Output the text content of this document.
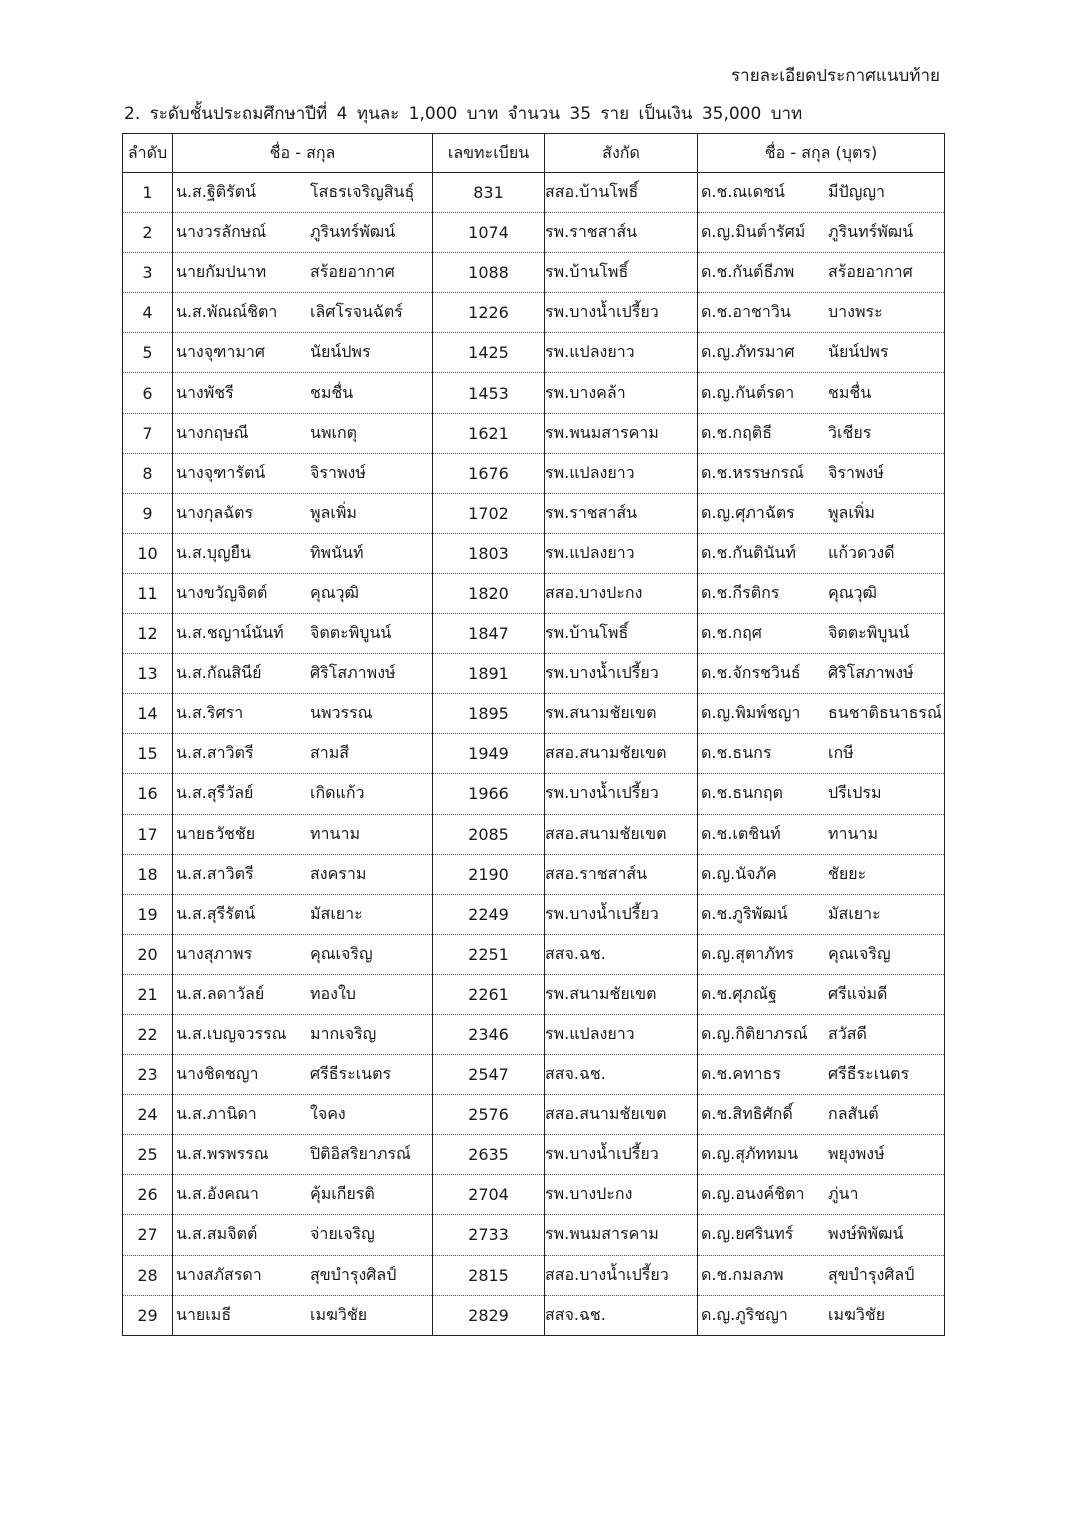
รายละเอียดประกาศแนบท้าย
2. ระดับชั้นประถมศึกษาปีที่ 4 ทุนละ 1,000 บาท จำนวน 35 ราย เป็นเงิน 35,000 บาท
ลำดับ	ชื่อ - สกุล	เลขทะเบียน	สังกัด	ชื่อ - สกุล (บุตร)
1	น.ส.ฐิติรัตน์ โสธรเจริญสินธุ์	831	สสอ.บ้านโพธิ์	ด.ช.ณเดชน์ มีปัญญา
2	นางวรลักษณ์ ภูรินทร์พัฒน์	1074	รพ.ราชสาส์น	ด.ญ.มินต์ารัศม์ ภูรินทร์พัฒน์
3	นายกัมปนาท สร้อยอากาศ	1088	รพ.บ้านโพธิ์	ด.ช.กันต์ธีภพ สร้อยอากาศ
4	น.ส.พัณณ์ชิตา เลิศโรจนฉัตร์	1226	รพ.บางน้ำเปรี้ยว	ด.ช.อาชาวิน บางพระ
5	นางจุฑามาศ นัยน์ปพร	1425	รพ.แปลงยาว	ด.ญ.ภัทรมาศ นัยน์ปพร
6	นางพัชรี ชมชื่น	1453	รพ.บางคล้า	ด.ญ.กันต์รดา ชมชื่น
7	นางกฤษณี นพเกตุ	1621	รพ.พนมสารคาม	ด.ช.กฤติธี วิเชียร
8	นางจุฑารัตน์ จิราพงษ์	1676	รพ.แปลงยาว	ด.ช.หรรษกรณ์ จิราพงษ์
9	นางกุลฉัตร พูลเพิ่ม	1702	รพ.ราชสาส์น	ด.ญ.ศุภาฉัตร พูลเพิ่ม
10	น.ส.บุญยืน ทิพนันท์	1803	รพ.แปลงยาว	ด.ช.กันตินันท์ แก้วดวงดี
11	นางขวัญจิตต์ คุณวุฒิ	1820	สสอ.บางปะกง	ด.ช.กีรติกร คุณวุฒิ
12	น.ส.ชญาน์นันท์ จิตตะพิบูนน์	1847	รพ.บ้านโพธิ์	ด.ช.กฤศ จิตตะพิบูนน์
13	น.ส.กัณสินีย์ ศิริโสภาพงษ์	1891	รพ.บางน้ำเปรี้ยว	ด.ช.จักรชวินธ์ ศิริโสภาพงษ์
14	น.ส.ริศรา นพวรรณ	1895	รพ.สนามชัยเขต	ด.ญ.พิมพ์ชญา ธนชาติธนาธรณ์
15	น.ส.สาวิตรี สามสี	1949	สสอ.สนามชัยเขต	ด.ช.ธนกร เกษี
16	น.ส.สุรีวัลย์ เกิดแก้ว	1966	รพ.บางน้ำเปรี้ยว	ด.ช.ธนกฤต ปรีเปรม
17	นายธวัชชัย ทานาม	2085	สสอ.สนามชัยเขต	ด.ช.เตชินท์ ทานาม
18	น.ส.สาวิตรี สงคราม	2190	สสอ.ราชสาส์น	ด.ญ.นัจภัค ชัยยะ
19	น.ส.สุรีรัตน์ มัสเยาะ	2249	รพ.บางน้ำเปรี้ยว	ด.ช.ภูริพัฒน์ มัสเยาะ
20	นางสุภาพร คุณเจริญ	2251	สสจ.ฉช.	ด.ญ.สุตาภัทร คุณเจริญ
21	น.ส.ลดาวัลย์ ทองใบ	2261	รพ.สนามชัยเขต	ด.ช.ศุภณัฐ ศรีแจ่มดี
22	น.ส.เบญจวรรณ มากเจริญ	2346	รพ.แปลงยาว	ด.ญ.กิติยาภรณ์ สวัสดี
23	นางชิดชญา ศรีธีระเนตร	2547	สสจ.ฉช.	ด.ช.คทาธร ศรีธีระเนตร
24	น.ส.ภานิดา ใจคง	2576	สสอ.สนามชัยเขต	ด.ช.สิทธิศักดิ์ กลสันต์
25	น.ส.พรพรรณ ปิติอิสริยาภรณ์	2635	รพ.บางน้ำเปรี้ยว	ด.ญ.สุภัททมน พยุงพงษ์
26	น.ส.อังคณา คุ้มเกียรติ	2704	รพ.บางปะกง	ด.ญ.อนงค์ชิตา ภู่นา
27	น.ส.สมจิตต์ จ่ายเจริญ	2733	รพ.พนมสารคาม	ด.ญ.ยศรินทร์ พงษ์พิพัฒน์
28	นางสภัสรดา สุขบำรุงศิลป์	2815	สสอ.บางน้ำเปรี้ยว	ด.ช.กมลภพ สุขบำรุงศิลป์
29	นายเมธี เมฆวิชัย	2829	สสจ.ฉช.	ด.ญ.ภูริชญา เมฆวิชัย
